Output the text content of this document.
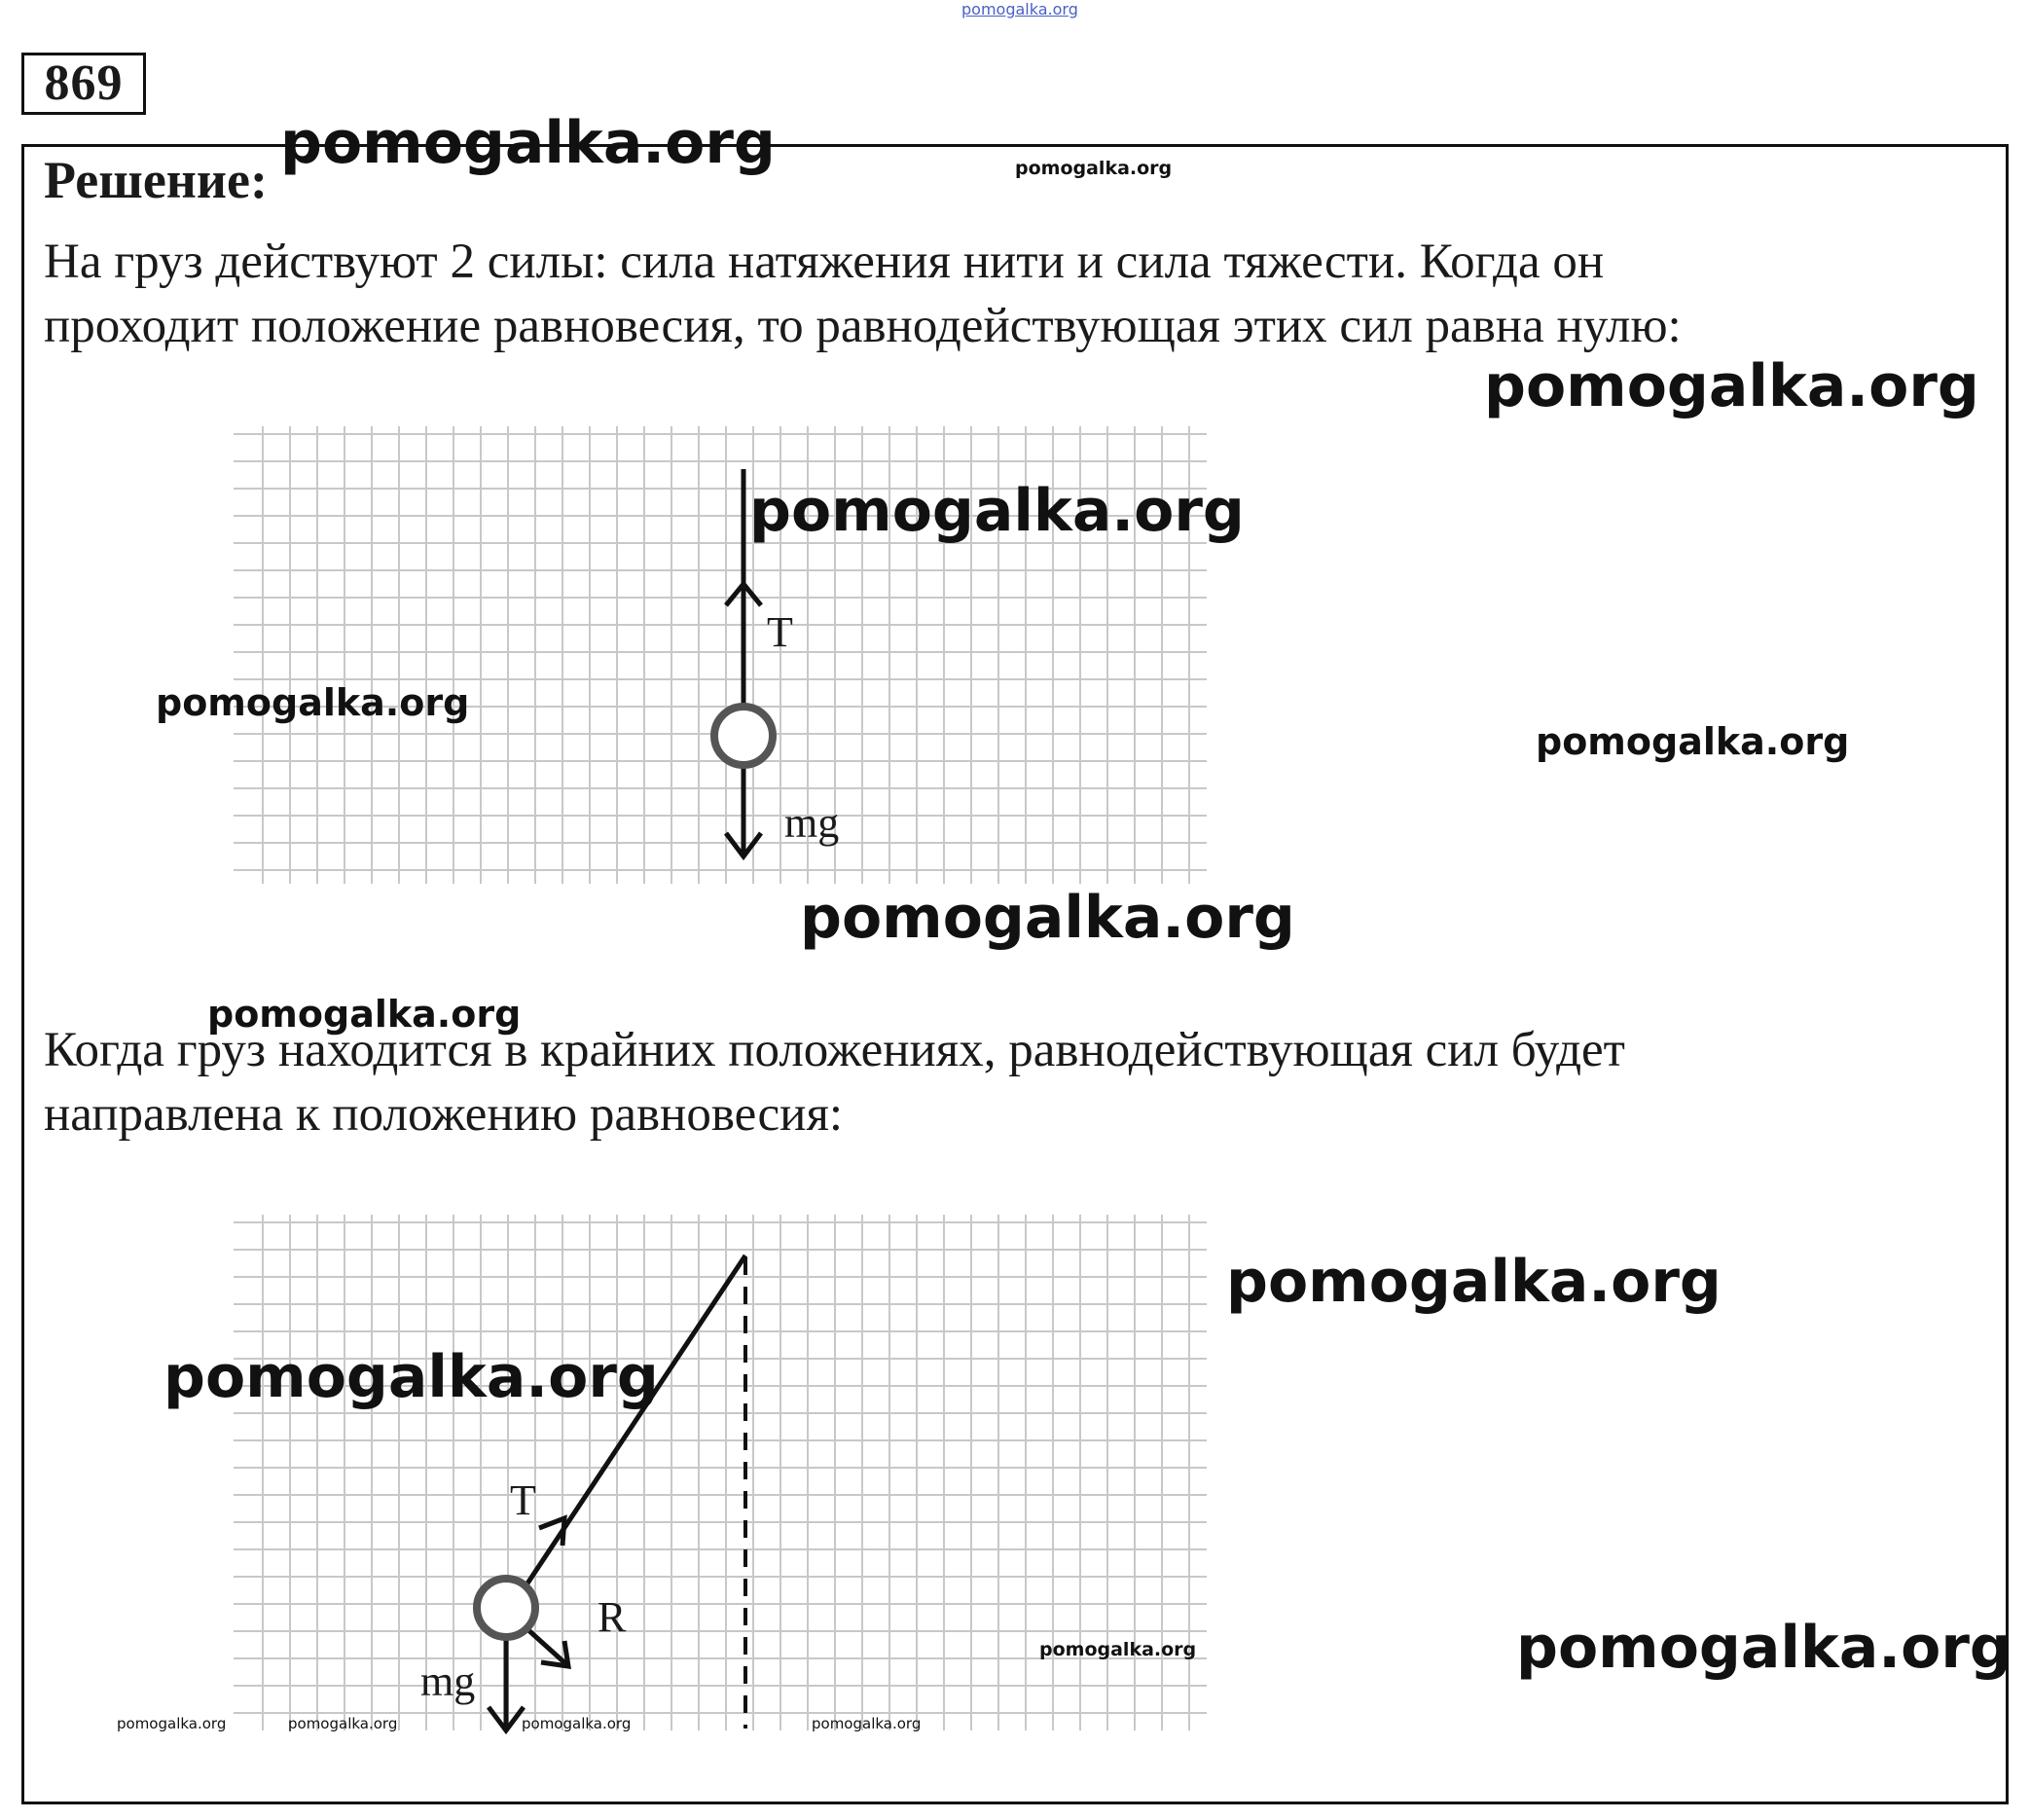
pomogalka.org
869
Решение:
pomogalka.org	pomogalka.org
На груз действуют 2 силы: сила натяжения нити и сила тяжести. Когда он
проходит положение равновесия, то равнодействующая этих сил равна нулю:
pomogalka.org
T
mg
pomogalka.org
pomogalka.org
pomogalka.org
pomogalka.org
pomogalka.org
Когда груз находится в крайних положениях, равнодействующая сил будет
направлена к положению равновесия:
T
R
mg
pomogalka.org
pomogalka.org
pomogalka.org
pomogalka.org
pomogalka.org	pomogalka.org	pomogalka.org	pomogalka.org
